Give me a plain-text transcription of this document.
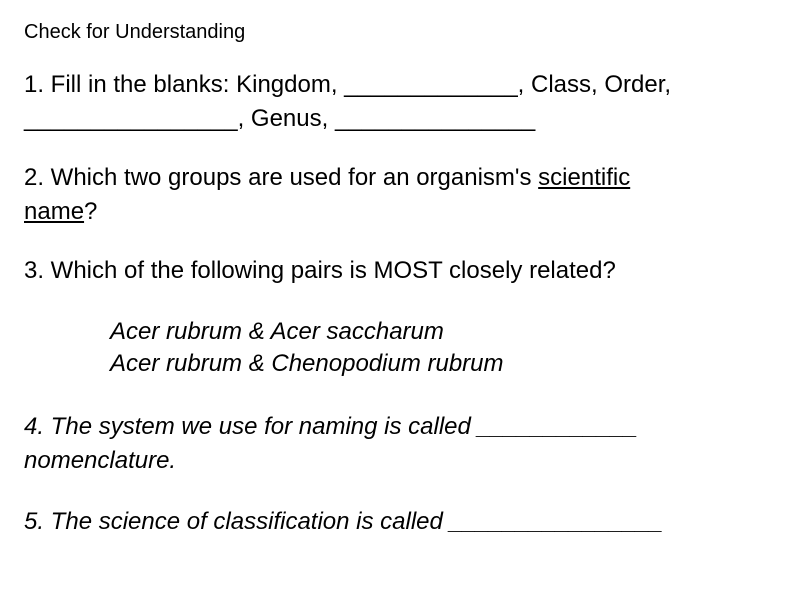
Check for Understanding
1. Fill in the blanks: Kingdom, _____________, Class, Order,
________________, Genus, _______________
2. Which two groups are used for an organism's scientific
name?
3. Which of the following pairs is MOST closely related?
Acer rubrum & Acer saccharum
Acer rubrum & Chenopodium rubrum
4. The system we use for naming is called ____________
nomenclature.
5. The science of classification is called ________________
